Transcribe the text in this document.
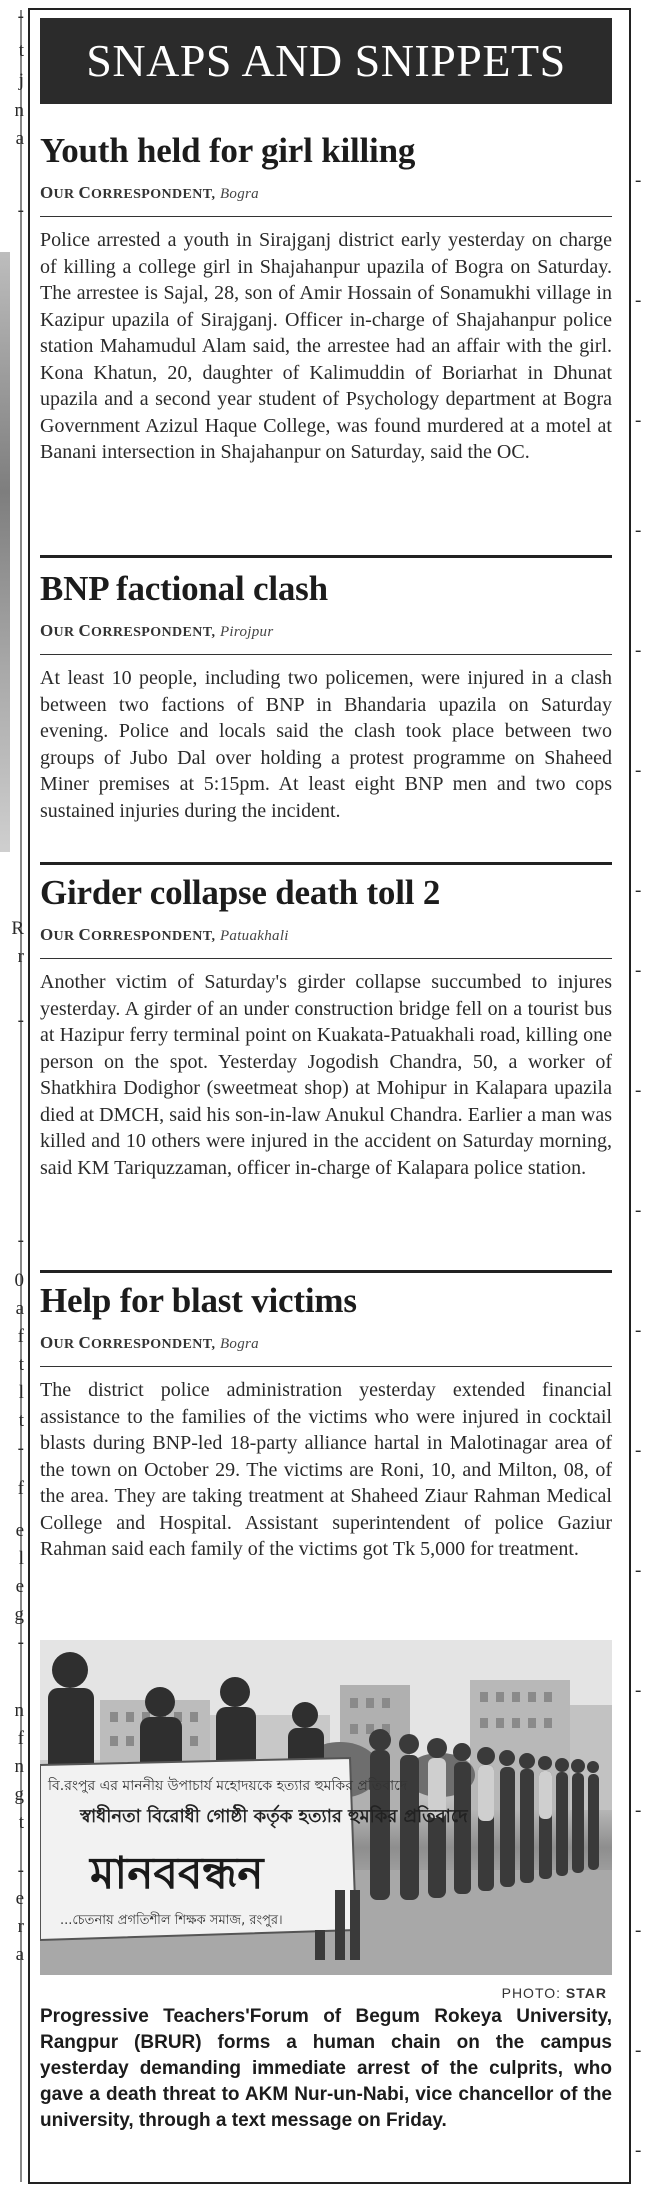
-
t
j
n
a
-
R
r
-
-
0
a
f
t
l
t
-
f
e
l
e
g
-
n
f
n
g
t
-
e
r
a
-
-
-
-
-
-
-
-
-
-
-
-
-
-
-
-
-
-
SNAPS AND SNIPPETS
Youth held for girl killing
OUR CORRESPONDENT, Bogra

Police arrested a youth in Sirajganj district early yesterday on charge of killing a college girl in Shajahanpur upazila of Bogra on Saturday. The arrestee is Sajal, 28, son of Amir Hossain of Sonamukhi village in Kazipur upazila of Sirajganj. Officer in-charge of Shajahanpur police station Mahamudul Alam said, the arrestee had an affair with the girl. Kona Khatun, 20, daughter of Kalimuddin of Boriarhat in Dhunat upazila and a second year student of Psychology department at Bogra Government Azizul Haque College, was found murdered at a motel at Banani intersection in Shajahanpur on Saturday, said the OC.

BNP factional clash
OUR CORRESPONDENT, Pirojpur

At least 10 people, including two policemen, were injured in a clash between two factions of BNP in Bhandaria upazila on Saturday evening. Police and locals said the clash took place between two groups of Jubo Dal over holding a protest programme on Shaheed Miner premises at 5:15pm. At least eight BNP men and two cops sustained injuries during the incident.

Girder collapse death toll 2
OUR CORRESPONDENT, Patuakhali

Another victim of Saturday's girder collapse succumbed to injures yesterday. A girder of an under construction bridge fell on a tourist bus at Hazipur ferry terminal point on Kuakata-Patuakhali road, killing one person on the spot. Yesterday Jogodish Chandra, 50, a worker of Shatkhira Dodighor (sweetmeat shop) at Mohipur in Kalapara upazila died at DMCH, said his son-in-law Anukul Chandra. Earlier a man was killed and 10 others were injured in the accident on Saturday morning, said KM Tariquzzaman, officer in-charge of Kalapara police station.

Help for blast victims
OUR CORRESPONDENT, Bogra

The district police administration yesterday extended financial assistance to the families of the victims who were injured in cocktail blasts during BNP-led 18-party alliance hartal in Malotinagar area of the town on October 29. The victims are Roni, 10, and Milton, 08, of the area. They are taking treatment at Shaheed Ziaur Rahman Medical College and Hospital. Assistant superintendent of police Gaziur Rahman said each family of the victims got Tk 5,000 for treatment.

বি.রংপুর এর মাননীয় উপাচার্য মহোদয়কে হত্যার হুমকির প্রতিবাদে
স্বাধীনতা বিরোধী গোষ্ঠী কর্তৃক হত্যার হুমকির প্রতিবাদে
মানববন্ধন
...চেতনায় প্রগতিশীল শিক্ষক সমাজ, রংপুর।
PHOTO: STAR

Progressive Teachers'Forum of Begum Rokeya University, Rangpur (BRUR) forms a human chain on the campus yesterday demanding immediate arrest of the culprits, who gave a death threat to AKM Nur-un-Nabi, vice chancellor of the university, through a text message on Friday.
